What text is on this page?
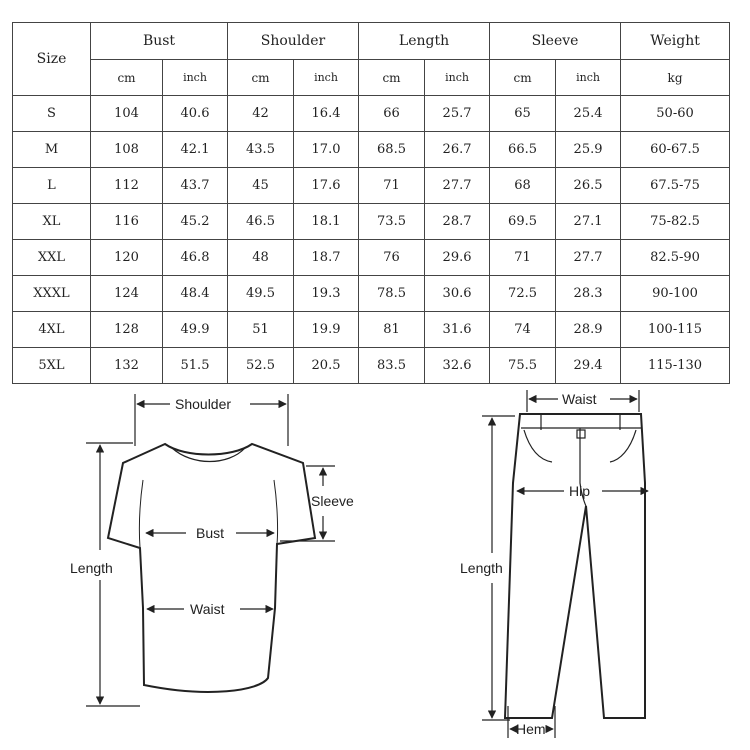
Size	Bust		Shoulder		Length		Sleeve		Weight
	cm	inch	cm	inch	cm	inch	cm	inch	kg
S	104	40.6	42	16.4	66	25.7	65	25.4	50-60
M	108	42.1	43.5	17.0	68.5	26.7	66.5	25.9	60-67.5
L	112	43.7	45	17.6	71	27.7	68	26.5	67.5-75
XL	116	45.2	46.5	18.1	73.5	28.7	69.5	27.1	75-82.5
XXL	120	46.8	48	18.7	76	29.6	71	27.7	82.5-90
XXXL	124	48.4	49.5	19.3	78.5	30.6	72.5	28.3	90-100
4XL	128	49.9	51	19.9	81	31.6	74	28.9	100-115
5XL	132	51.5	52.5	20.5	83.5	32.6	75.5	29.4	115-130
Shoulder
Sleeve
Bust
Length
Waist
Waist
Hip
Length
Hem
